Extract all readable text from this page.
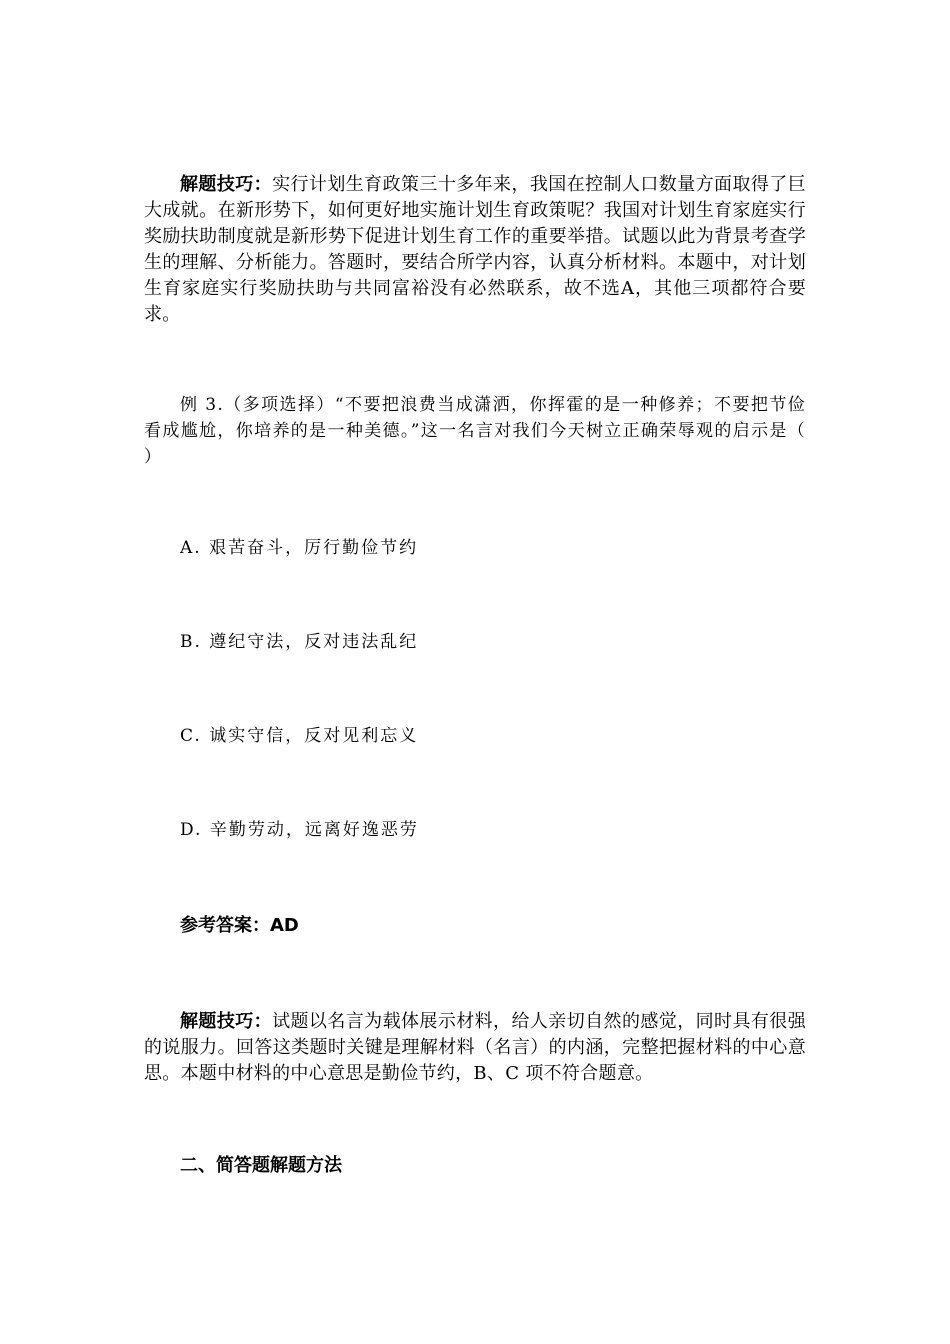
解题技巧：实行计划生育政策三十多年来，我国在控制人口数量方面取得了巨大成就。在新形势下，如何更好地实施计划生育政策呢？我国对计划生育家庭实行奖励扶助制度就是新形势下促进计划生育工作的重要举措。试题以此为背景考查学生的理解、分析能力。答题时，要结合所学内容，认真分析材料。本题中，对计划生育家庭实行奖励扶助与共同富裕没有必然联系，故不选A，其他三项都符合要求。
例 3.（多项选择）“不要把浪费当成潇洒，你挥霍的是一种修养；不要把节俭看成尴尬，你培养的是一种美德。”这一名言对我们今天树立正确荣辱观的启示是（ ）
A. 艰苦奋斗，厉行勤俭节约
B. 遵纪守法，反对违法乱纪
C. 诚实守信，反对见利忘义
D. 辛勤劳动，远离好逸恶劳
参考答案：AD
解题技巧：试题以名言为载体展示材料，给人亲切自然的感觉，同时具有很强的说服力。回答这类题时关键是理解材料（名言）的内涵，完整把握材料的中心意思。本题中材料的中心意思是勤俭节约，B、C 项不符合题意。
二、简答题解题方法
